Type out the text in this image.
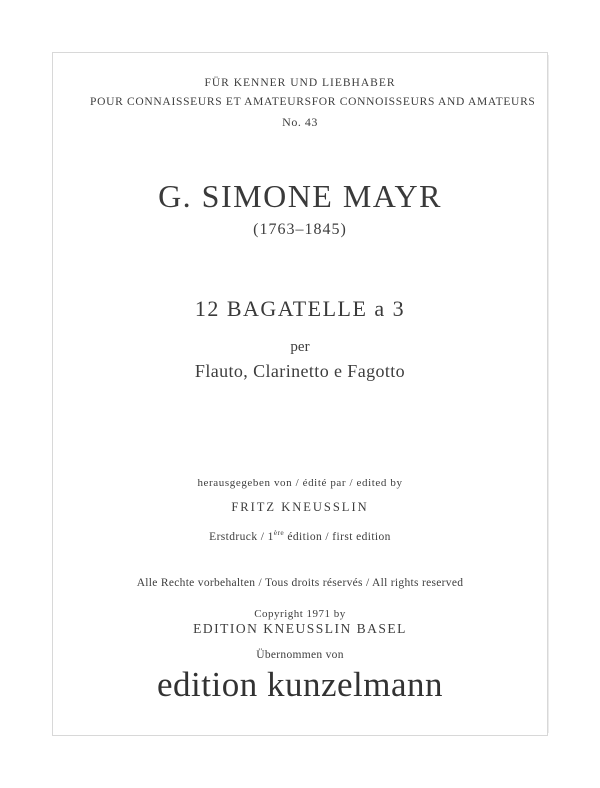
FÜR KENNER UND LIEBHABER
POUR CONNAISSEURS ET AMATEURS FOR CONNOISSEURS AND AMATEURS
No. 43
G. SIMONE MAYR
(1763–1845)
12 BAGATELLE a 3
per
Flauto, Clarinetto e Fagotto
herausgegeben von / édité par / edited by
FRITZ KNEUSSLIN
Erstdruck / 1ère édition / first edition
Alle Rechte vorbehalten / Tous droits réservés / All rights reserved
Copyright 1971 by
EDITION KNEUSSLIN BASEL
Übernommen von
edition kunzelmann
